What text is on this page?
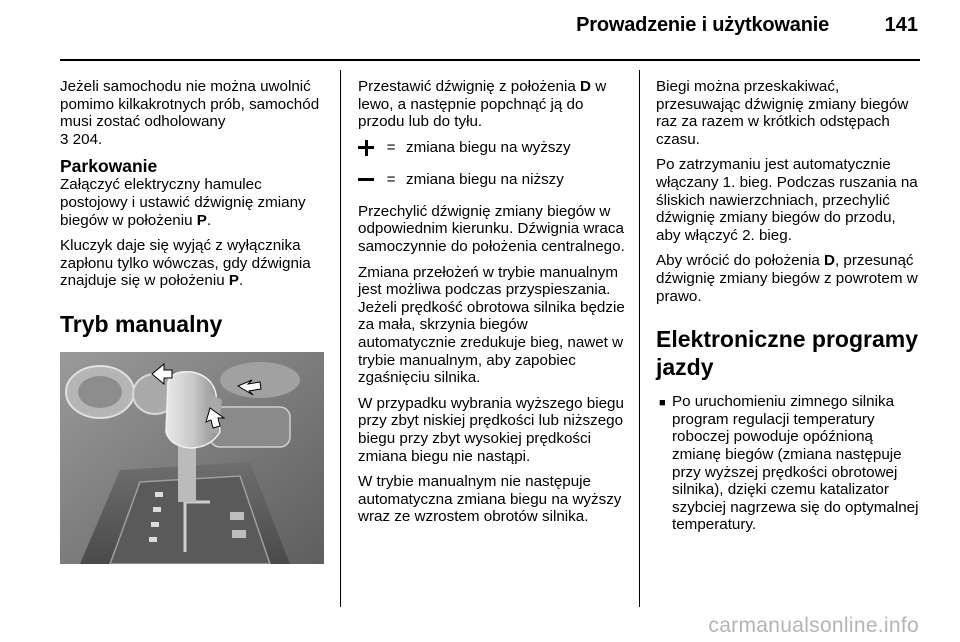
Prowadzenie i użytkowanie	141

Jeżeli samochodu nie można uwolnić pomimo kilkakrotnych prób, samochód musi zostać odholowany
3 204.

Parkowanie

Załączyć elektryczny hamulec postojowy i ustawić dźwignię zmiany biegów w położeniu P.

Kluczyk daje się wyjąć z wyłącznika zapłonu tylko wówczas, gdy dźwignia znajduje się w położeniu P.

Tryb manualny

Przestawić dźwignię z położenia D w lewo, a następnie popchnąć ją do przodu lub do tyłu.

= zmiana biegu na wyższy
= zmiana biegu na niższy

Przechylić dźwignię zmiany biegów w odpowiednim kierunku. Dźwignia wraca samoczynnie do położenia centralnego.

Zmiana przełożeń w trybie manualnym jest możliwa podczas przyspieszania. Jeżeli prędkość obrotowa silnika będzie za mała, skrzynia biegów automatycznie zredukuje bieg, nawet w trybie manualnym, aby zapobiec zgaśnięciu silnika.

W przypadku wybrania wyższego biegu przy zbyt niskiej prędkości lub niższego biegu przy zbyt wysokiej prędkości zmiana biegu nie nastąpi.

W trybie manualnym nie następuje automatyczna zmiana biegu na wyższy wraz ze wzrostem obrotów silnika.

Biegi można przeskakiwać, przesuwając dźwignię zmiany biegów raz za razem w krótkich odstępach czasu.

Po zatrzymaniu jest automatycznie włączany 1. bieg. Podczas ruszania na śliskich nawierzchniach, przechylić dźwignię zmiany biegów do przodu, aby włączyć 2. bieg.

Aby wrócić do położenia D, przesunąć dźwignię zmiany biegów z powrotem w prawo.

Elektroniczne programy jazdy
■ Po uruchomieniu zimnego silnika program regulacji temperatury roboczej powoduje opóźnioną zmianę biegów (zmiana następuje przy wyższej prędkości obrotowej silnika), dzięki czemu katalizator szybciej nagrzewa się do optymalnej temperatury.
carmanualsonline.info
